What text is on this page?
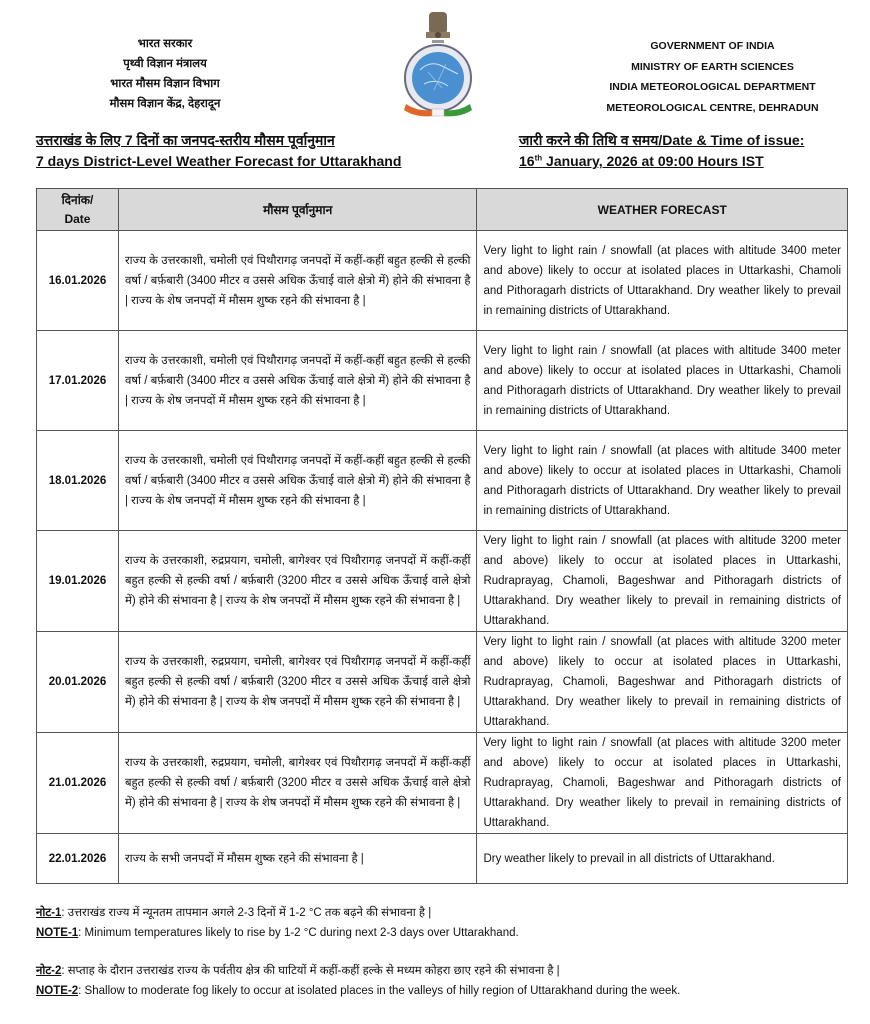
भारत सरकार
पृथ्वी विज्ञान मंत्रालय
भारत मौसम विज्ञान विभाग
मौसम विज्ञान केंद्र, देहरादून
GOVERNMENT OF INDIA
MINISTRY OF EARTH SCIENCES
INDIA METEOROLOGICAL DEPARTMENT
METEOROLOGICAL CENTRE, DEHRADUN
उत्तराखंड के लिए 7 दिनों का जनपद-स्तरीय मौसम पूर्वानुमान
7 days District-Level Weather Forecast for Uttarakhand
जारी करने की तिथि व समय/Date & Time of issue:
16th January, 2026 at 09:00 Hours IST
दिनांक/
Date	मौसम पूर्वानुमान	WEATHER FORECAST
16.01.2026	राज्य के उत्तरकाशी, चमोली एवं पिथौरागढ़ जनपदों में कहीं-कहीं बहुत हल्की से हल्की वर्षा / बर्फ़बारी (3400 मीटर व उससे अधिक ऊँचाई वाले क्षेत्रो में) होने की संभावना है | राज्य के शेष जनपदों में मौसम शुष्क रहने की संभावना है |	Very light to light rain / snowfall (at places with altitude 3400 meter and above) likely to occur at isolated places in Uttarkashi, Chamoli and Pithoragarh districts of Uttarakhand. Dry weather likely to prevail in remaining districts of Uttarakhand.
17.01.2026	राज्य के उत्तरकाशी, चमोली एवं पिथौरागढ़ जनपदों में कहीं-कहीं बहुत हल्की से हल्की वर्षा / बर्फ़बारी (3400 मीटर व उससे अधिक ऊँचाई वाले क्षेत्रो में) होने की संभावना है | राज्य के शेष जनपदों में मौसम शुष्क रहने की संभावना है |	Very light to light rain / snowfall (at places with altitude 3400 meter and above) likely to occur at isolated places in Uttarkashi, Chamoli and Pithoragarh districts of Uttarakhand. Dry weather likely to prevail in remaining districts of Uttarakhand.
18.01.2026	राज्य के उत्तरकाशी, चमोली एवं पिथौरागढ़ जनपदों में कहीं-कहीं बहुत हल्की से हल्की वर्षा / बर्फ़बारी (3400 मीटर व उससे अधिक ऊँचाई वाले क्षेत्रो में) होने की संभावना है | राज्य के शेष जनपदों में मौसम शुष्क रहने की संभावना है |	Very light to light rain / snowfall (at places with altitude 3400 meter and above) likely to occur at isolated places in Uttarkashi, Chamoli and Pithoragarh districts of Uttarakhand. Dry weather likely to prevail in remaining districts of Uttarakhand.
19.01.2026	राज्य के उत्तरकाशी, रुद्रप्रयाग, चमोली, बागेश्वर एवं पिथौरागढ़ जनपदों में कहीं-कहीं बहुत हल्की से हल्की वर्षा / बर्फ़बारी (3200 मीटर व उससे अधिक ऊँचाई वाले क्षेत्रो में) होने की संभावना है | राज्य के शेष जनपदों में मौसम शुष्क रहने की संभावना है |	Very light to light rain / snowfall (at places with altitude 3200 meter and above) likely to occur at isolated places in Uttarkashi, Rudraprayag, Chamoli, Bageshwar and Pithoragarh districts of Uttarakhand. Dry weather likely to prevail in remaining districts of Uttarakhand.
20.01.2026	राज्य के उत्तरकाशी, रुद्रप्रयाग, चमोली, बागेश्वर एवं पिथौरागढ़ जनपदों में कहीं-कहीं बहुत हल्की से हल्की वर्षा / बर्फ़बारी (3200 मीटर व उससे अधिक ऊँचाई वाले क्षेत्रो में) होने की संभावना है | राज्य के शेष जनपदों में मौसम शुष्क रहने की संभावना है |	Very light to light rain / snowfall (at places with altitude 3200 meter and above) likely to occur at isolated places in Uttarkashi, Rudraprayag, Chamoli, Bageshwar and Pithoragarh districts of Uttarakhand. Dry weather likely to prevail in remaining districts of Uttarakhand.
21.01.2026	राज्य के उत्तरकाशी, रुद्रप्रयाग, चमोली, बागेश्वर एवं पिथौरागढ़ जनपदों में कहीं-कहीं बहुत हल्की से हल्की वर्षा / बर्फ़बारी (3200 मीटर व उससे अधिक ऊँचाई वाले क्षेत्रो में) होने की संभावना है | राज्य के शेष जनपदों में मौसम शुष्क रहने की संभावना है |	Very light to light rain / snowfall (at places with altitude 3200 meter and above) likely to occur at isolated places in Uttarkashi, Rudraprayag, Chamoli, Bageshwar and Pithoragarh districts of Uttarakhand. Dry weather likely to prevail in remaining districts of Uttarakhand.
22.01.2026	राज्य के सभी जनपदों में मौसम शुष्क रहने की संभावना है |	Dry weather likely to prevail in all districts of Uttarakhand.
नोट-1: उत्तराखंड राज्य में न्यूनतम तापमान अगले 2-3 दिनों में 1-2 °C तक बढ़ने की संभावना है |
NOTE-1: Minimum temperatures likely to rise by 1-2 °C during next 2-3 days over Uttarakhand.
नोट-2: सप्ताह के दौरान उत्तराखंड राज्य के पर्वतीय क्षेत्र की घाटियों में कहीं-कहीं हल्के से मध्यम कोहरा छाए रहने की संभावना है |
NOTE-2: Shallow to moderate fog likely to occur at isolated places in the valleys of hilly region of Uttarakhand during the week.
